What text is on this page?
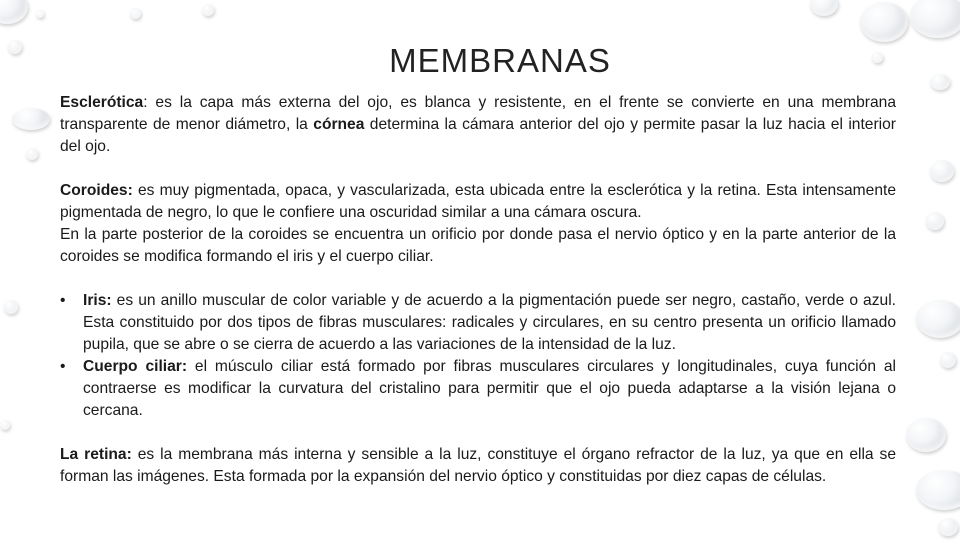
MEMBRANAS

Esclerótica: es la capa más externa del ojo, es blanca y resistente, en el frente se convierte en una membrana transparente de menor diámetro, la córnea determina la cámara anterior del ojo y permite pasar la luz hacia el interior del ojo.

Coroides: es muy pigmentada, opaca, y vascularizada, esta ubicada entre la esclerótica y la retina. Esta intensamente pigmentada de negro, lo que le confiere una oscuridad similar a una cámara oscura.

En la parte posterior de la coroides se encuentra un orificio por donde pasa el nervio óptico y en la parte anterior de la coroides se modifica formando el iris y el cuerpo ciliar.

• Iris: es un anillo muscular de color variable y de acuerdo a la pigmentación puede ser negro, castaño, verde o azul. Esta constituido por dos tipos de fibras musculares: radicales y circulares, en su centro presenta un orificio llamado pupila, que se abre o se cierra de acuerdo a las variaciones de la intensidad de la luz.
• Cuerpo ciliar: el músculo ciliar está formado por fibras musculares circulares y longitudinales, cuya función al contraerse es modificar la curvatura del cristalino para permitir que el ojo pueda adaptarse a la visión lejana o cercana.

La retina: es la membrana más interna y sensible a la luz, constituye el órgano refractor de la luz, ya que en ella se forman las imágenes. Esta formada por la expansión del nervio óptico y constituidas por diez capas de células.
